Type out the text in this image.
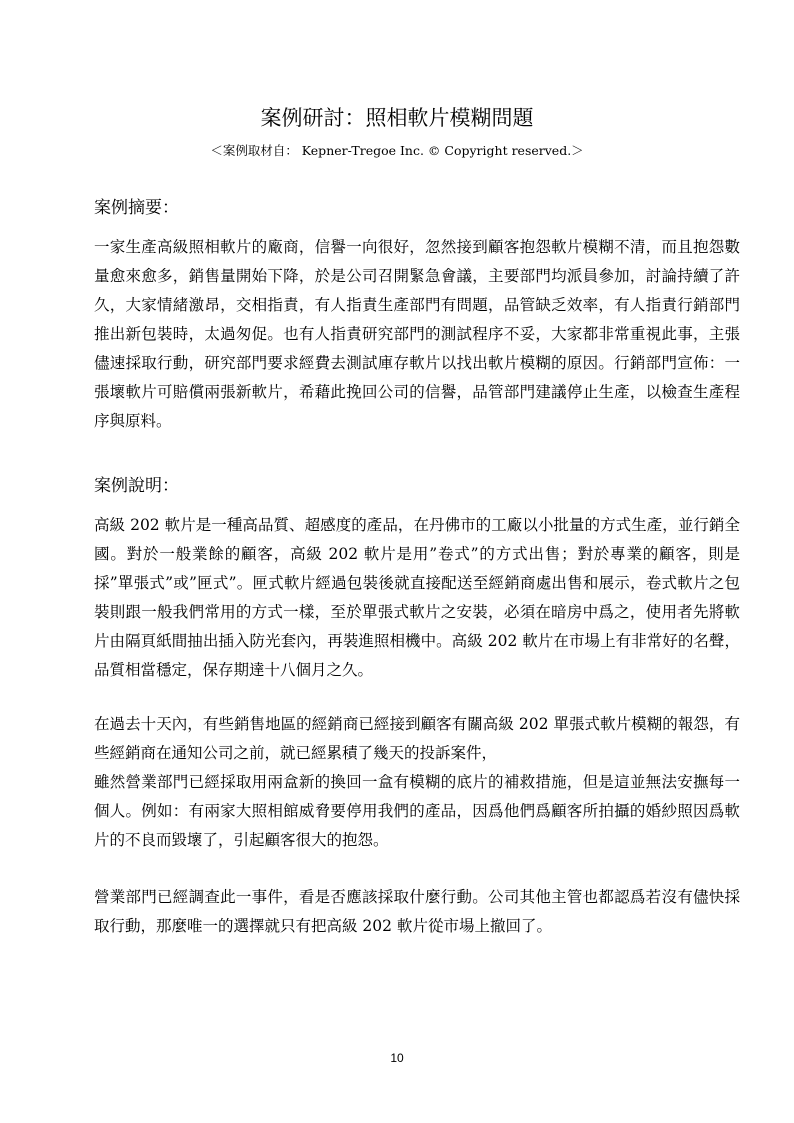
案例研討：照相軟片模糊問題
＜案例取材自： Kepner-Tregoe Inc. © Copyright reserved.＞
案例摘要：

一家生產高級照相軟片的廠商，信譽一向很好，忽然接到顧客抱怨軟片模糊不清，而且抱怨數量愈來愈多，銷售量開始下降，於是公司召開緊急會議，主要部門均派員參加，討論持續了許久，大家情緒激昂，交相指責，有人指責生產部門有問題，品管缺乏效率，有人指責行銷部門推出新包裝時，太過匆促。也有人指責研究部門的測試程序不妥，大家都非常重視此事，主張儘速採取行動，研究部門要求經費去測試庫存軟片以找出軟片模糊的原因。行銷部門宣佈：一張壞軟片可賠償兩張新軟片，希藉此挽回公司的信譽，品管部門建議停止生產，以檢查生產程序與原料。

案例說明：

高級 202 軟片是一種高品質、超感度的產品，在丹佛市的工廠以小批量的方式生產，並行銷全國。對於一般業餘的顧客，高級 202 軟片是用”卷式”的方式出售；對於專業的顧客，則是採”單張式”或”匣式”。匣式軟片經過包裝後就直接配送至經銷商處出售和展示，卷式軟片之包裝則跟一般我們常用的方式一樣，至於單張式軟片之安裝，必須在暗房中爲之，使用者先將軟片由隔頁紙間抽出插入防光套內，再裝進照相機中。高級 202 軟片在市場上有非常好的名聲，品質相當穩定，保存期達十八個月之久。

在過去十天內，有些銷售地區的經銷商已經接到顧客有關高級 202 單張式軟片模糊的報怨，有些經銷商在通知公司之前，就已經累積了幾天的投訴案件，

雖然營業部門已經採取用兩盒新的換回一盒有模糊的底片的補救措施，但是這並無法安撫每一個人。例如：有兩家大照相館威脅要停用我們的產品，因爲他們爲顧客所拍攝的婚紗照因爲軟片的不良而毀壞了，引起顧客很大的抱怨。

營業部門已經調查此一事件，看是否應該採取什麼行動。公司其他主管也都認爲若沒有儘快採取行動，那麼唯一的選擇就只有把高級 202 軟片從市場上撤回了。

10
